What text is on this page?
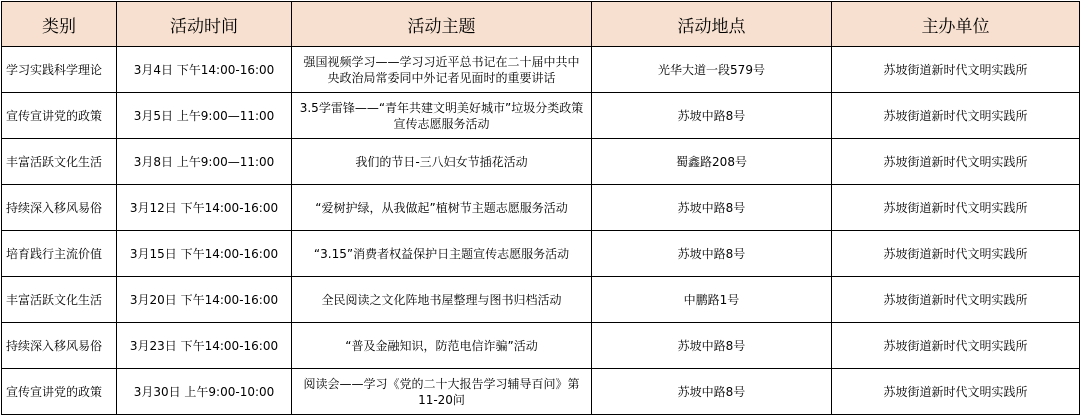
类别	活动时间	活动主题	活动地点	主办单位
学习实践科学理论	3月4日 下午14:00-16:00	强国视频学习——学习习近平总书记在二十届中共中央政治局常委同中外记者见面时的重要讲话	光华大道一段579号	苏坡街道新时代文明实践所
宣传宣讲党的政策	3月5日 上午9:00—11:00	3.5学雷锋——“青年共建文明美好城市”垃圾分类政策宣传志愿服务活动	苏坡中路8号	苏坡街道新时代文明实践所
丰富活跃文化生活	3月8日 上午9:00—11:00	我们的节日-三八妇女节插花活动	蜀鑫路208号	苏坡街道新时代文明实践所
持续深入移风易俗	3月12日 下午14:00-16:00	“爱树护绿，从我做起”植树节主题志愿服务活动	苏坡中路8号	苏坡街道新时代文明实践所
培育践行主流价值	3月15日 下午14:00-16:00	“3.15”消费者权益保护日主题宣传志愿服务活动	苏坡中路8号	苏坡街道新时代文明实践所
丰富活跃文化生活	3月20日 下午14:00-16:00	全民阅读之文化阵地书屋整理与图书归档活动	中鹏路1号	苏坡街道新时代文明实践所
持续深入移风易俗	3月23日 下午14:00-16:00	“普及金融知识，防范电信诈骗”活动	苏坡中路8号	苏坡街道新时代文明实践所
宣传宣讲党的政策	3月30日 上午9:00-10:00	阅读会——学习《党的二十大报告学习辅导百问》第11-20问	苏坡中路8号	苏坡街道新时代文明实践所
